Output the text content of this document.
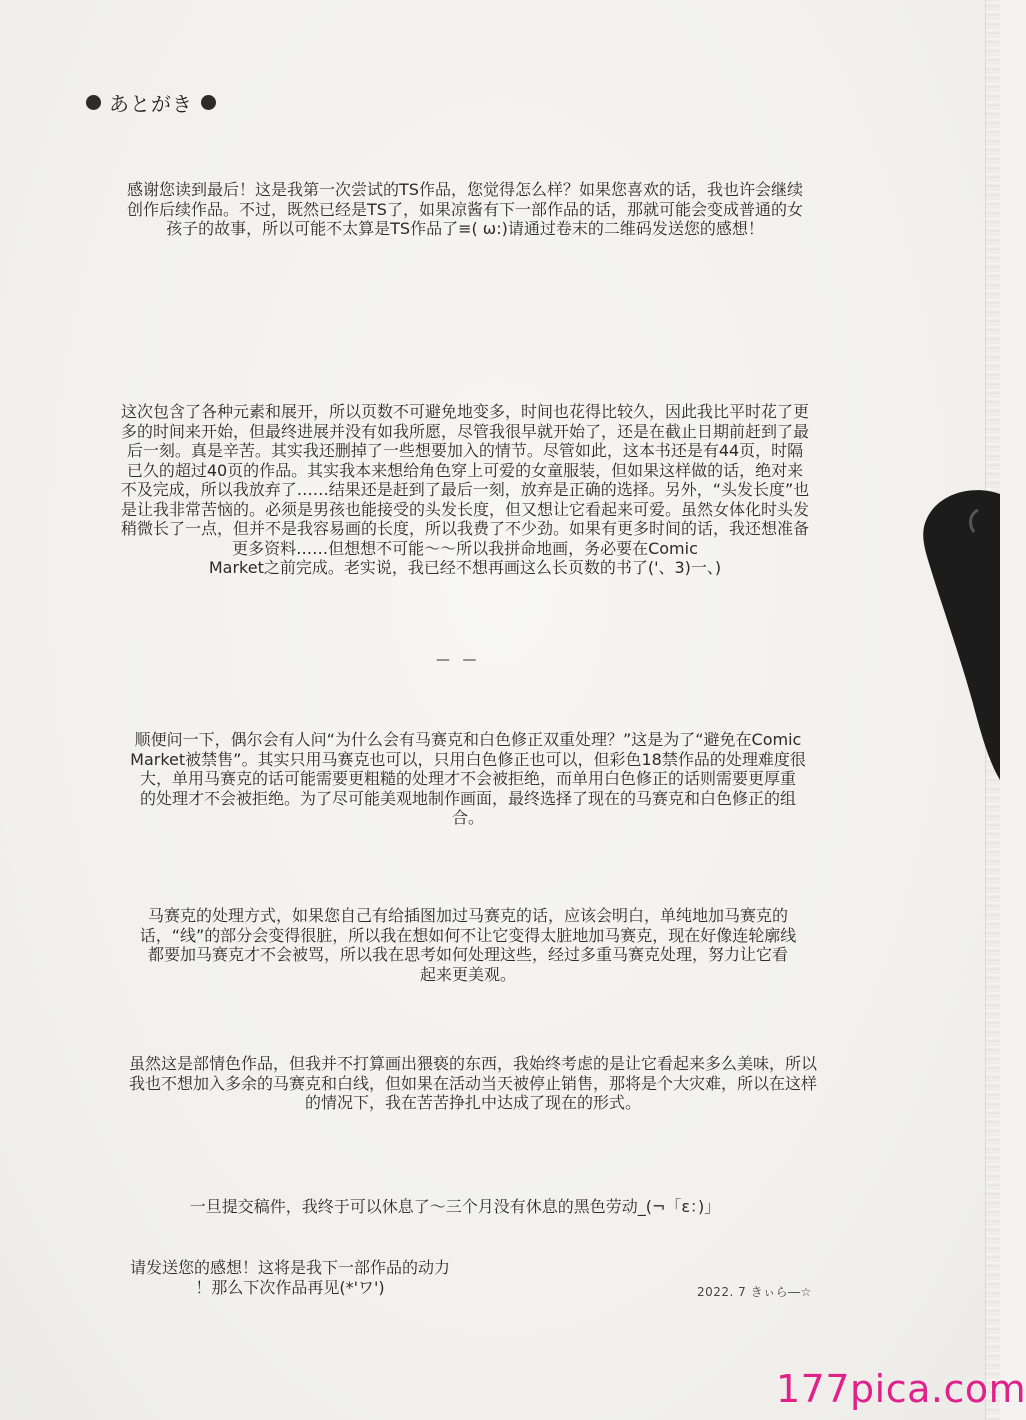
あとがき
感谢您读到最后！这是我第一次尝试的TS作品，您觉得怎么样？如果您喜欢的话，我也许会继续
创作后续作品。不过，既然已经是TS了，如果凉酱有下一部作品的话，那就可能会变成普通的女
孩子的故事，所以可能不太算是TS作品了≡( ω:)请通过卷末的二维码发送您的感想！
这次包含了各种元素和展开，所以页数不可避免地变多，时间也花得比较久，因此我比平时花了更
多的时间来开始，但最终进展并没有如我所愿，尽管我很早就开始了，还是在截止日期前赶到了最
后一刻。真是辛苦。其实我还删掉了一些想要加入的情节。尽管如此，这本书还是有44页，时隔
已久的超过40页的作品。其实我本来想给角色穿上可爱的女童服装，但如果这样做的话，绝对来
不及完成，所以我放弃了……结果还是赶到了最后一刻，放弃是正确的选择。另外，“头发长度”也
是让我非常苦恼的。必须是男孩也能接受的头发长度，但又想让它看起来可爱。虽然女体化时头发
稍微长了一点，但并不是我容易画的长度，所以我费了不少劲。如果有更多时间的话，我还想准备
更多资料……但想想不可能～～所以我拼命地画，务必要在Comic
Market之前完成。老实说，我已经不想再画这么长页数的书了('、3)一、)
— —
顺便问一下，偶尔会有人问“为什么会有马赛克和白色修正双重处理？”这是为了“避免在Comic
Market被禁售”。其实只用马赛克也可以，只用白色修正也可以，但彩色18禁作品的处理难度很
大，单用马赛克的话可能需要更粗糙的处理才不会被拒绝，而单用白色修正的话则需要更厚重
的处理才不会被拒绝。为了尽可能美观地制作画面，最终选择了现在的马赛克和白色修正的组
合。
马赛克的处理方式，如果您自己有给插图加过马赛克的话，应该会明白，单纯地加马赛克的
话，“线”的部分会变得很脏，所以我在想如何不让它变得太脏地加马赛克，现在好像连轮廓线
都要加马赛克才不会被骂，所以我在思考如何处理这些，经过多重马赛克处理，努力让它看
起来更美观。
虽然这是部情色作品，但我并不打算画出猥亵的东西，我始终考虑的是让它看起来多么美味，所以
我也不想加入多余的马赛克和白线，但如果在活动当天被停止销售，那将是个大灾难，所以在这样
的情况下，我在苦苦挣扎中达成了现在的形式。
一旦提交稿件，我终于可以休息了～三个月没有休息的黑色劳动_(¬「ε：)」
请发送您的感想！这将是我下一部作品的动力
！那么下次作品再见(*'ワ')	2022. 7 きぃら―☆
177pica.com
